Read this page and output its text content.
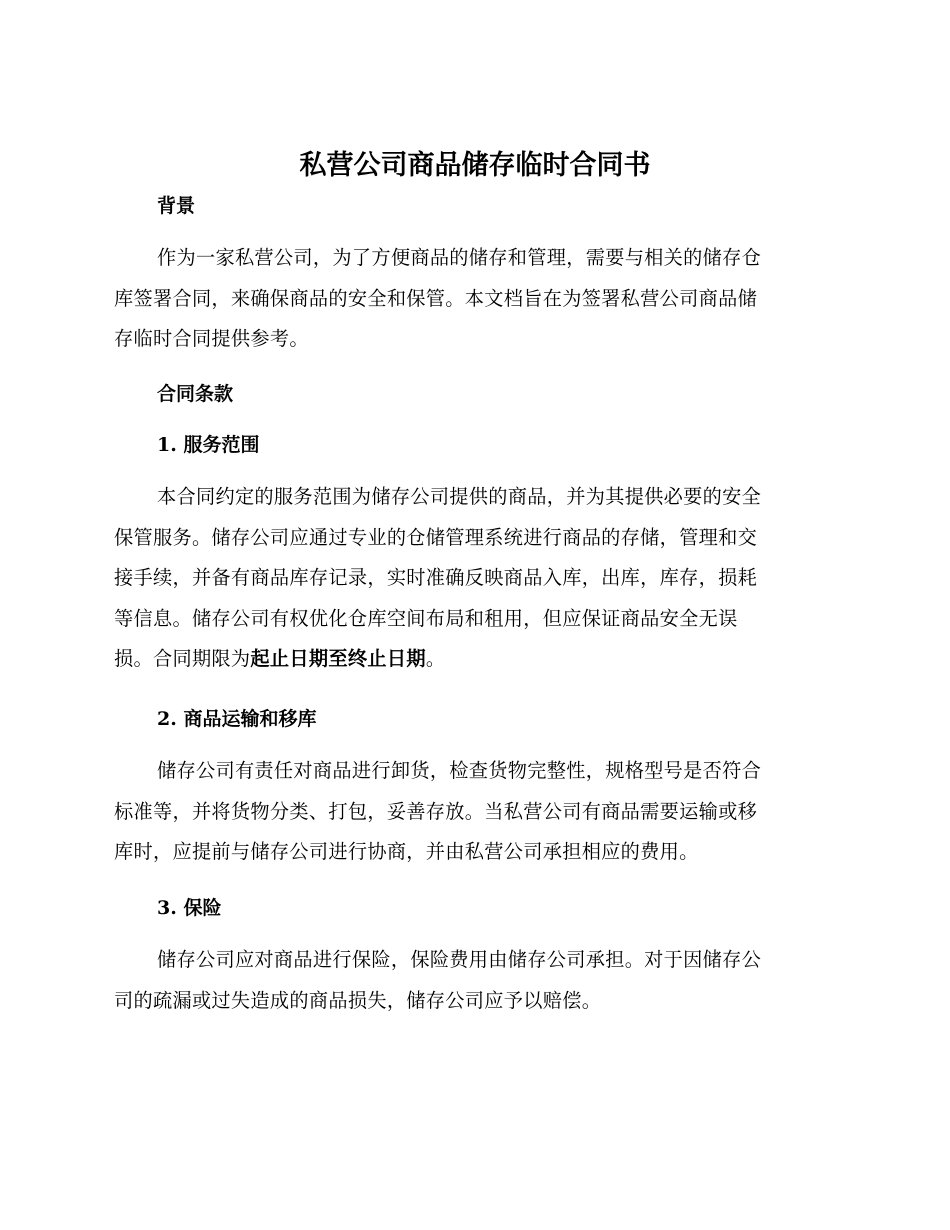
私营公司商品储存临时合同书
背景
作为一家私营公司，为了方便商品的储存和管理，需要与相关的储存仓
库签署合同，来确保商品的安全和保管。本文档旨在为签署私营公司商品储
存临时合同提供参考。
合同条款
1. 服务范围
本合同约定的服务范围为储存公司提供的商品，并为其提供必要的安全
保管服务。储存公司应通过专业的仓储管理系统进行商品的存储，管理和交
接手续，并备有商品库存记录，实时准确反映商品入库，出库，库存，损耗
等信息。储存公司有权优化仓库空间布局和租用，但应保证商品安全无误
损。合同期限为起止日期至终止日期。
2. 商品运输和移库
储存公司有责任对商品进行卸货，检查货物完整性，规格型号是否符合
标准等，并将货物分类、打包，妥善存放。当私营公司有商品需要运输或移
库时，应提前与储存公司进行协商，并由私营公司承担相应的费用。
3. 保险
储存公司应对商品进行保险，保险费用由储存公司承担。对于因储存公
司的疏漏或过失造成的商品损失，储存公司应予以赔偿。
